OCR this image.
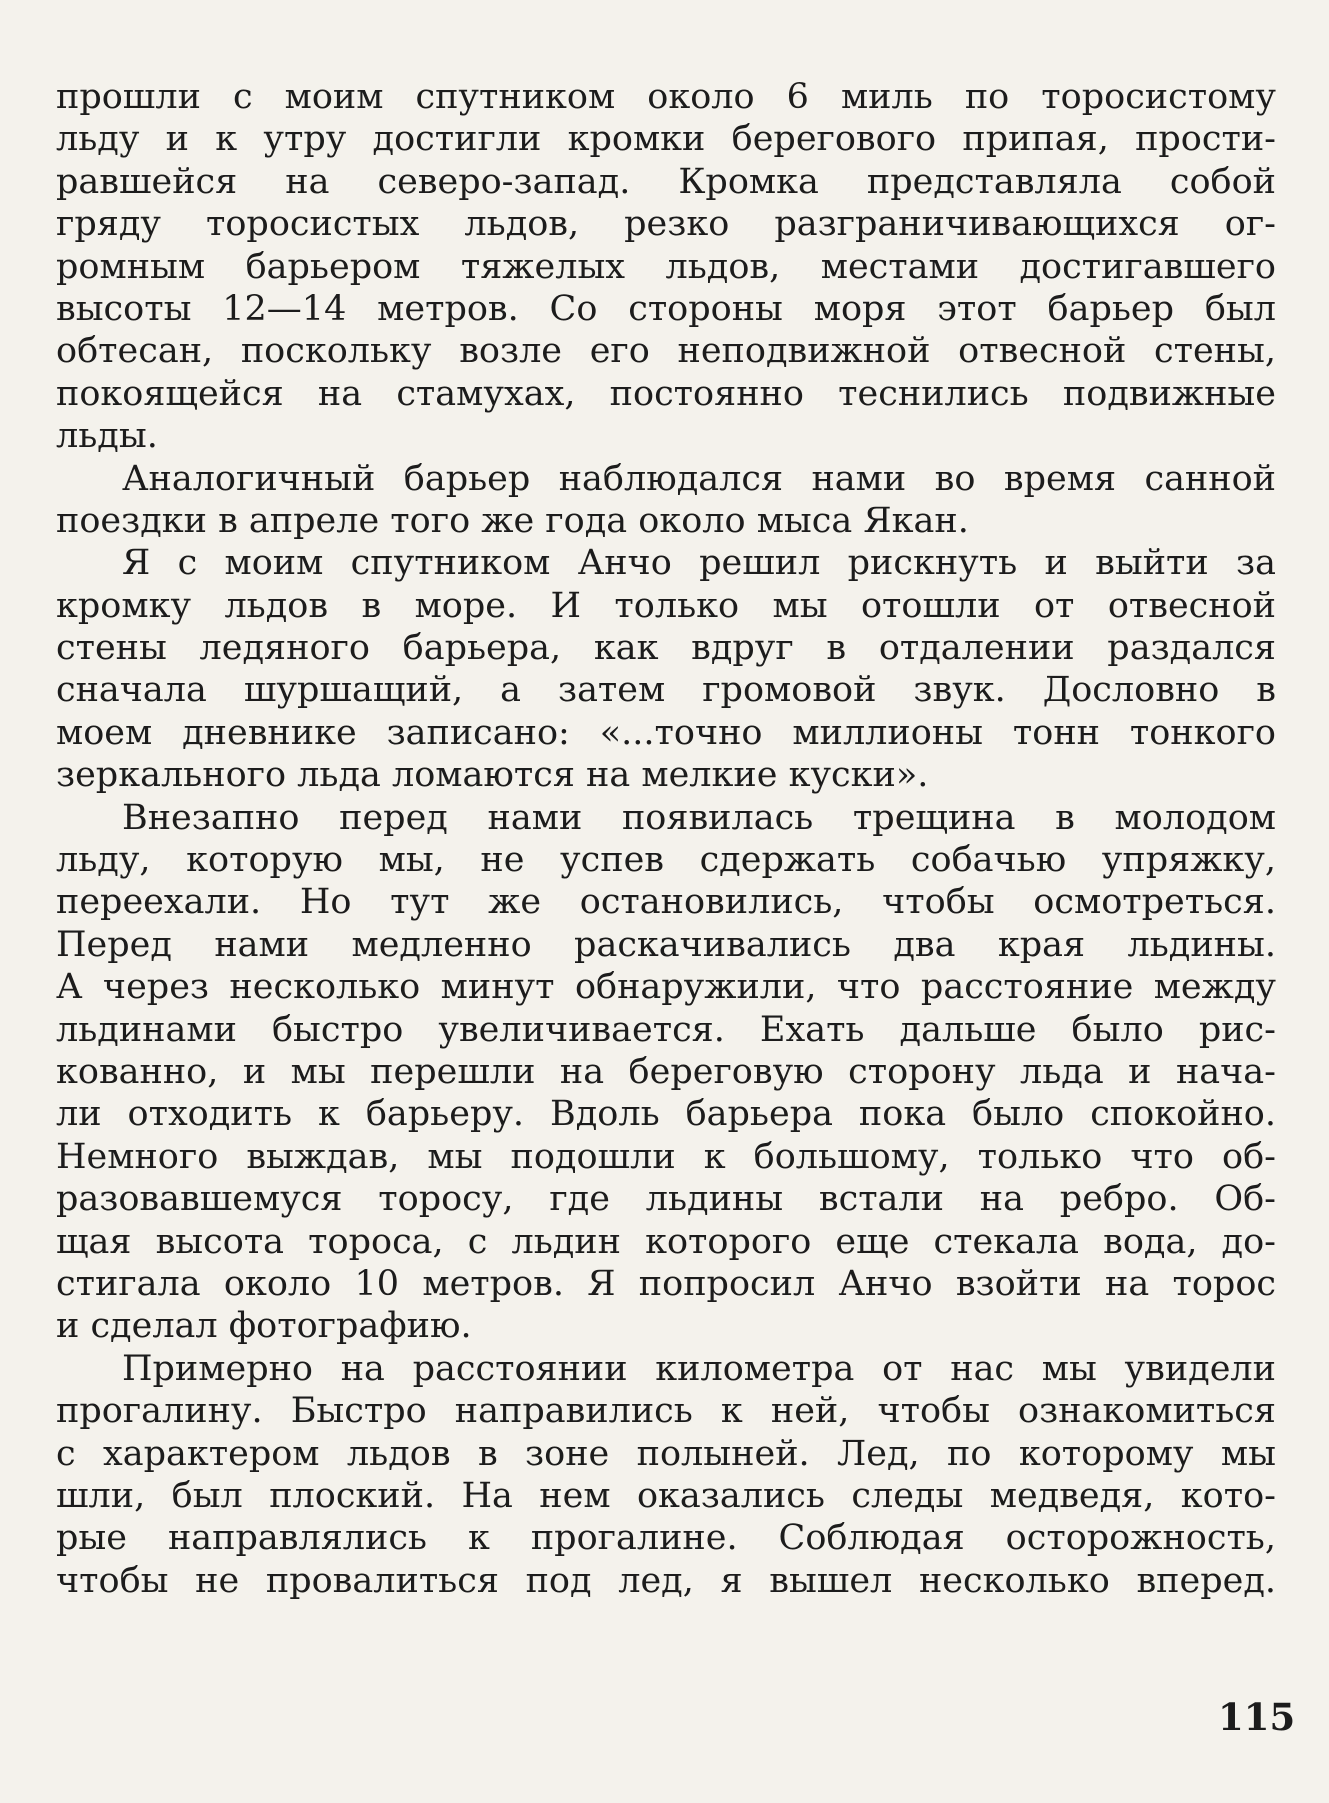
прошли с моим спутником около 6 миль по торосистому
льду и к утру достигли кромки берегового припая, прости-
равшейся на северо-запад. Кромка представляла собой
гряду торосистых льдов, резко разграничивающихся ог-
ромным барьером тяжелых льдов, местами достигавшего
высоты 12—14 метров. Со стороны моря этот барьер был
обтесан, поскольку возле его неподвижной отвесной стены,
покоящейся на стамухах, постоянно теснились подвижные
льды.
Аналогичный барьер наблюдался нами во время санной
поездки в апреле того же года около мыса Якан.
Я с моим спутником Анчо решил рискнуть и выйти за
кромку льдов в море. И только мы отошли от отвесной
стены ледяного барьера, как вдруг в отдалении раздался
сначала шуршащий, а затем громовой звук. Дословно в
моем дневнике записано: «...точно миллионы тонн тонкого
зеркального льда ломаются на мелкие куски».
Внезапно перед нами появилась трещина в молодом
льду, которую мы, не успев сдержать собачью упряжку,
переехали. Но тут же остановились, чтобы осмотреться.
Перед нами медленно раскачивались два края льдины.
А через несколько минут обнаружили, что расстояние между
льдинами быстро увеличивается. Ехать дальше было рис-
кованно, и мы перешли на береговую сторону льда и нача-
ли отходить к барьеру. Вдоль барьера пока было спокойно.
Немного выждав, мы подошли к большому, только что об-
разовавшемуся торосу, где льдины встали на ребро. Об-
щая высота тороса, с льдин которого еще стекала вода, до-
стигала около 10 метров. Я попросил Анчо взойти на торос
и сделал фотографию.
Примерно на расстоянии километра от нас мы увидели
прогалину. Быстро направились к ней, чтобы ознакомиться
с характером льдов в зоне полыней. Лед, по которому мы
шли, был плоский. На нем оказались следы медведя, кото-
рые направлялись к прогалине. Соблюдая осторожность,
чтобы не провалиться под лед, я вышел несколько вперед.
115
